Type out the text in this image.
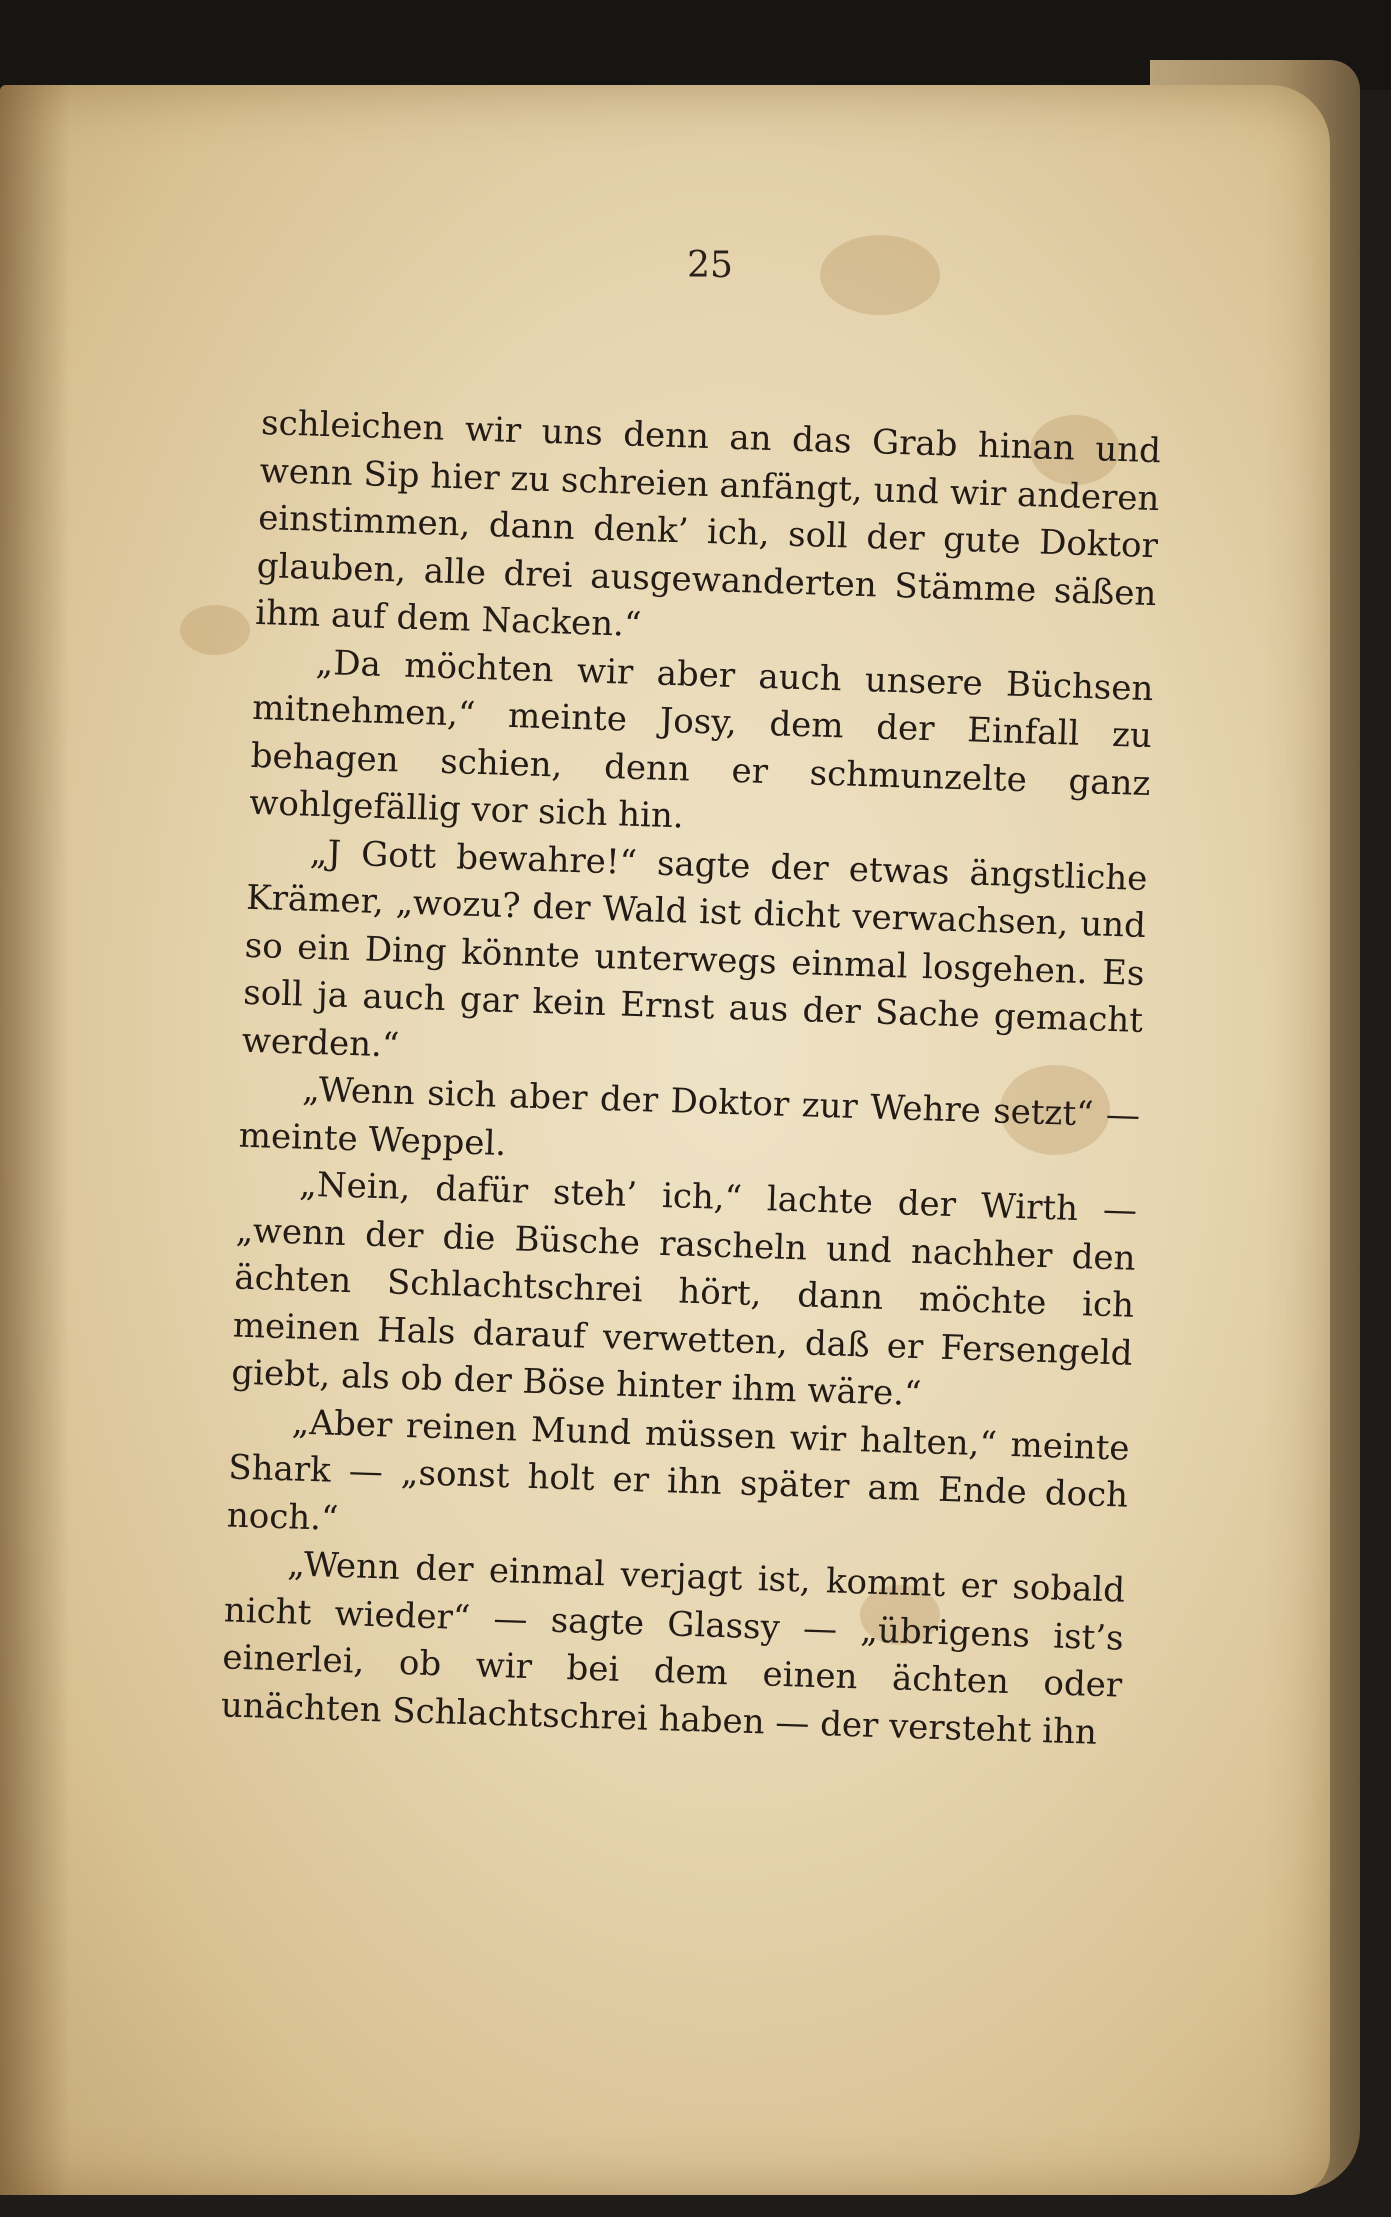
25

schleichen wir uns denn an das Grab hinan und wenn Sip hier zu schreien anfängt, und wir anderen einstimmen, dann denk’ ich, soll der gute Doktor glauben, alle drei ausgewanderten Stämme säßen ihm auf dem Nacken.“

„Da möchten wir aber auch unsere Büchsen mitnehmen,“ meinte Josy, dem der Einfall zu behagen schien, denn er schmunzelte ganz wohlgefällig vor sich hin.

„J Gott bewahre!“ sagte der etwas ängstliche Krämer, „wozu? der Wald ist dicht verwachsen, und so ein Ding könnte unterwegs einmal losgehen. Es soll ja auch gar kein Ernst aus der Sache gemacht werden.“

„Wenn sich aber der Doktor zur Wehre setzt“ — meinte Weppel.

„Nein, dafür steh’ ich,“ lachte der Wirth — „wenn der die Büsche rascheln und nachher den ächten Schlachtschrei hört, dann möchte ich meinen Hals darauf verwetten, daß er Fersengeld giebt, als ob der Böse hinter ihm wäre.“

„Aber reinen Mund müssen wir halten,“ meinte Shark — „sonst holt er ihn später am Ende doch noch.“

„Wenn der einmal verjagt ist, kommt er sobald nicht wieder“ — sagte Glassy — „übrigens ist’s einerlei, ob wir bei dem einen ächten oder unächten Schlachtschrei haben — der versteht ihn
